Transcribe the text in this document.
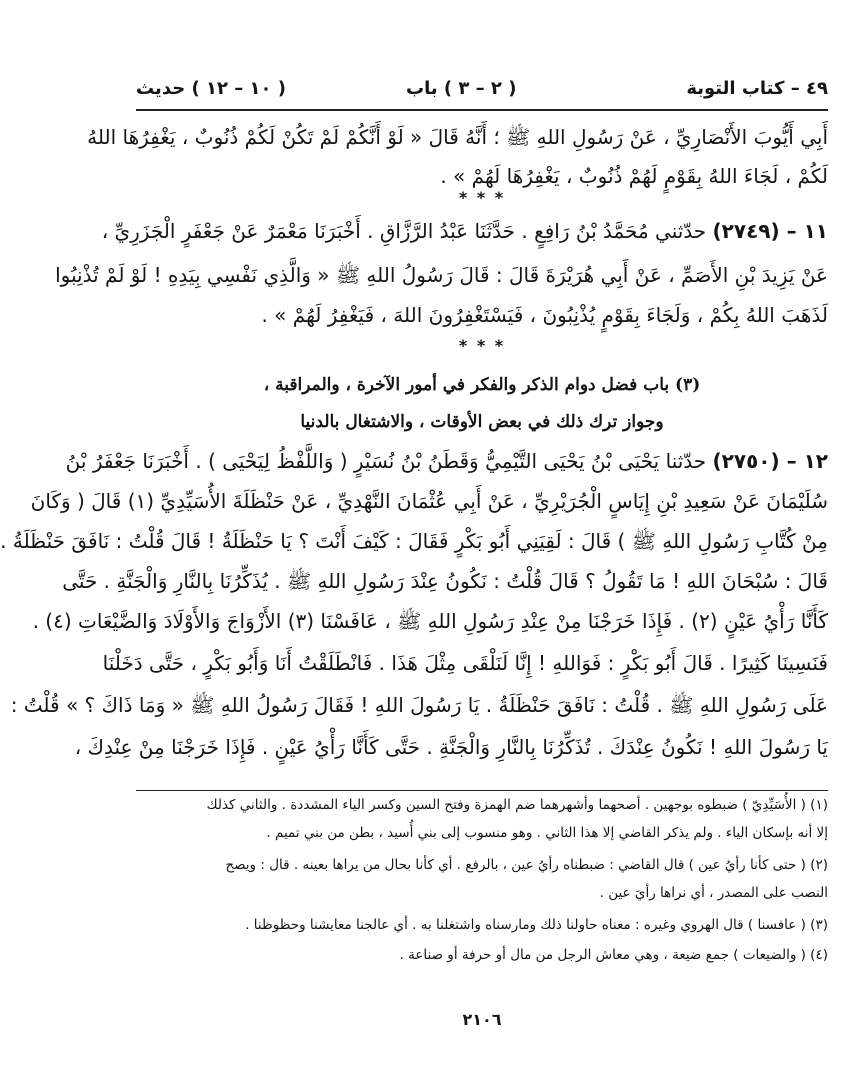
٤٩ – كتاب التوبة
( ٢ – ٣ ) باب
( ١٠ – ١٢ ) حديث
أَبِي أَيُّوبَ الأَنْصَارِيِّ ، عَنْ رَسُولِ اللهِ ﷺ ؛ أَنَّهُ قَالَ « لَوْ أَنَّكُمْ لَمْ تَكُنْ لَكُمْ ذُنُوبٌ ، يَغْفِرُهَا اللهُ
لَكُمْ ، لَجَاءَ اللهُ بِقَوْمٍ لَهُمْ ذُنُوبٌ ، يَغْفِرُهَا لَهُمْ » .
* * *
١١ – (٢٧٤٩) حدّثني مُحَمَّدُ بْنُ رَافِعٍ . حَدَّثَنَا عَبْدُ الرَّزَّاقِ . أَخْبَرَنَا مَعْمَرٌ عَنْ جَعْفَرٍ الْجَزَرِيِّ ،
عَنْ يَزِيدَ بْنِ الأَصَمِّ ، عَنْ أَبِي هُرَيْرَةَ قَالَ : قَالَ رَسُولُ اللهِ ﷺ « وَالَّذِي نَفْسِي بِيَدِهِ ! لَوْ لَمْ تُذْنِبُوا
لَذَهَبَ اللهُ بِكُمْ ، وَلَجَاءَ بِقَوْمٍ يُذْنِبُونَ ، فَيَسْتَغْفِرُونَ اللهَ ، فَيَغْفِرُ لَهُمْ » .
* * *
(٣) باب فضل دوام الذكر والفكر في أمور الآخرة ، والمراقبة ،
وجواز ترك ذلك في بعض الأوقات ، والاشتغال بالدنيا
١٢ – (٢٧٥٠) حدّثنا يَحْيَى بْنُ يَحْيَى التَّيْمِيُّ وَقَطَنُ بْنُ نُسَيْرٍ ( وَاللَّفْظُ لِيَحْيَى ) . أَخْبَرَنَا جَعْفَرُ بْنُ
سُلَيْمَانَ عَنْ سَعِيدِ بْنِ إِيَاسٍ الْجُرَيْرِيِّ ، عَنْ أَبِي عُثْمَانَ النَّهْدِيِّ ، عَنْ حَنْظَلَةَ الأُسَيِّدِيِّ (١) قَالَ ( وَكَانَ
مِنْ كُتَّابِ رَسُولِ اللهِ ﷺ ) قَالَ : لَقِيَنِي أَبُو بَكْرٍ فَقَالَ : كَيْفَ أَنْتَ ؟ يَا حَنْظَلَةُ ! قَالَ قُلْتُ : نَافَقَ حَنْظَلَةُ .
قَالَ : سُبْحَانَ اللهِ ! مَا تَقُولُ ؟ قَالَ قُلْتُ : نَكُونُ عِنْدَ رَسُولِ اللهِ ﷺ . يُذَكِّرُنَا بِالنَّارِ وَالْجَنَّةِ . حَتَّى
كَأَنَّا رَأْيُ عَيْنٍ (٢) . فَإِذَا خَرَجْنَا مِنْ عِنْدِ رَسُولِ اللهِ ﷺ ، عَافَسْنَا (٣) الأَزْوَاجَ وَالأَوْلَادَ وَالضَّيْعَاتِ (٤) .
فَنَسِينَا كَثِيرًا . قَالَ أَبُو بَكْرٍ : فَوَاللهِ ! إِنَّا لَنَلْقَى مِثْلَ هَذَا . فَانْطَلَقْتُ أَنَا وَأَبُو بَكْرٍ ، حَتَّى دَخَلْنَا
عَلَى رَسُولِ اللهِ ﷺ . قُلْتُ : نَافَقَ حَنْظَلَةُ . يَا رَسُولَ اللهِ ! فَقَالَ رَسُولُ اللهِ ﷺ « وَمَا ذَاكَ ؟ » قُلْتُ :
يَا رَسُولَ اللهِ ! نَكُونُ عِنْدَكَ . تُذَكِّرُنَا بِالنَّارِ وَالْجَنَّةِ . حَتَّى كَأَنَّا رَأْيُ عَيْنٍ . فَإِذَا خَرَجْنَا مِنْ عِنْدِكَ ،
(١) ( الأُسَيِّدِيّ ) ضبطوه بوجهين . أصحهما وأشهرهما ضم الهمزة وفتح السين وكسر الياء المشددة . والثاني كذلك
إلا أنه بإسكان الياء . ولم يذكر القاضي إلا هذا الثاني . وهو منسوب إلى بني أُسيد ، بطن من بني تميم .
(٢) ( حتى كأنا رأيُ عين ) قال القاضي : ضبطناه رأيُ عين ، بالرفع . أي كأنا بحال من يراها بعينه . قال : ويصح
النصب على المصدر ، أي نراها رأيَ عين .
(٣) ( عافسنا ) قال الهروي وغيره : معناه حاولنا ذلك ومارسناه واشتغلنا به . أي عالجنا معايشنا وحظوظنا .
(٤) ( والضيعات ) جمع ضيعة ، وهي معاش الرجل من مال أو حرفة أو صناعة .
٢١٠٦
